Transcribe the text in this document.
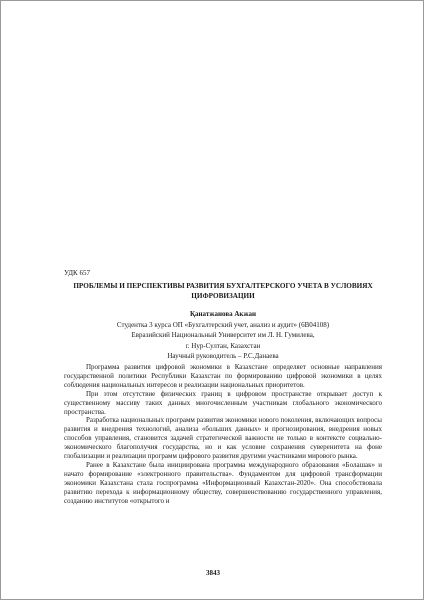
УДК 657

ПРОБЛЕМЫ И ПЕРСПЕКТИВЫ РАЗВИТИЯ БУХГАЛТЕРСКОГО УЧЕТА В УСЛОВИЯХ ЦИФРОВИЗАЦИИ
Қанатжанова Акжан
Студентка 3 курса ОП «Бухгалтерский учет, анализ и аудит» (6В04108)
Евразийский Национальный Университет им Л. Н. Гумилева,
г. Нур-Султан, Казахстан
Научный руководитель – Р.С.Данаева

Программа развития цифровой экономики в Казахстане определяет основные направления государственной политики Республики Казахстан по формированию цифровой экономики в целях соблюдения национальных интересов и реализации национальных приоритетов.

При этом отсутствие физических границ в цифровом пространстве открывает доступ к существенному массиву таких данных многочисленным участникам глобального экономического пространства.

Разработка национальных программ развития экономики нового поколения, включающих вопросы развития и внедрения технологий, анализа «больших данных» и прогнозирования, внедрения новых способов управления, становится задачей стратегической важности не только в контексте социально-экономического благополучия государства, но и как условие сохранения суверенитета на фоне глобализации и реализации программ цифрового развития другими участниками мирового рынка.

Ранее в Казахстане была инициирована программа международного образования «Болашак» и начато формирование «электронного правительства». Фундаментом для цифровой трансформации экономики Казахстана стала госпрограмма «Информационный Казахстан-2020». Она способствовала развитию перехода к информационному обществу, совершенствованию государственного управления, созданию институтов «открытого и

3843
